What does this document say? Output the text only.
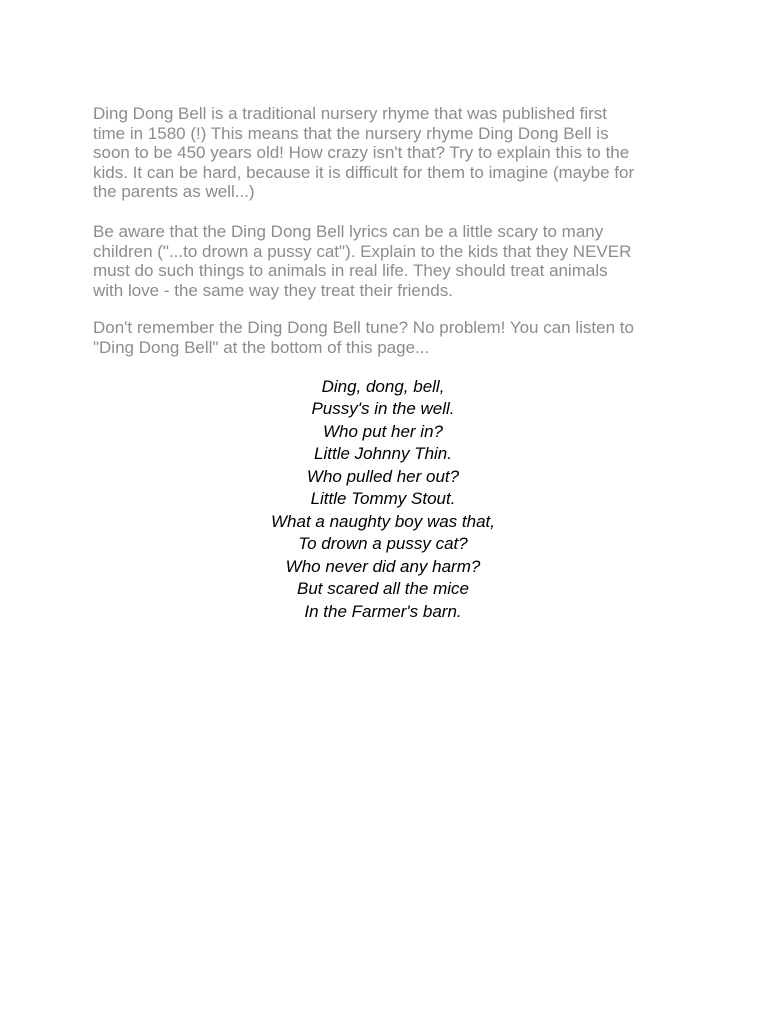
Ding Dong Bell is a traditional nursery rhyme that was published first
time in 1580 (!) This means that the nursery rhyme Ding Dong Bell is
soon to be 450 years old! How crazy isn't that? Try to explain this to the
kids. It can be hard, because it is difficult for them to imagine (maybe for
the parents as well...)

Be aware that the Ding Dong Bell lyrics can be a little scary to many
children ("...to drown a pussy cat"). Explain to the kids that they NEVER
must do such things to animals in real life. They should treat animals
with love - the same way they treat their friends.

Don't remember the Ding Dong Bell tune? No problem! You can listen to
"Ding Dong Bell" at the bottom of this page...

Ding, dong, bell,
Pussy's in the well.
Who put her in?
Little Johnny Thin.
Who pulled her out?
Little Tommy Stout.
What a naughty boy was that,
To drown a pussy cat?
Who never did any harm?
But scared all the mice
In the Farmer's barn.
